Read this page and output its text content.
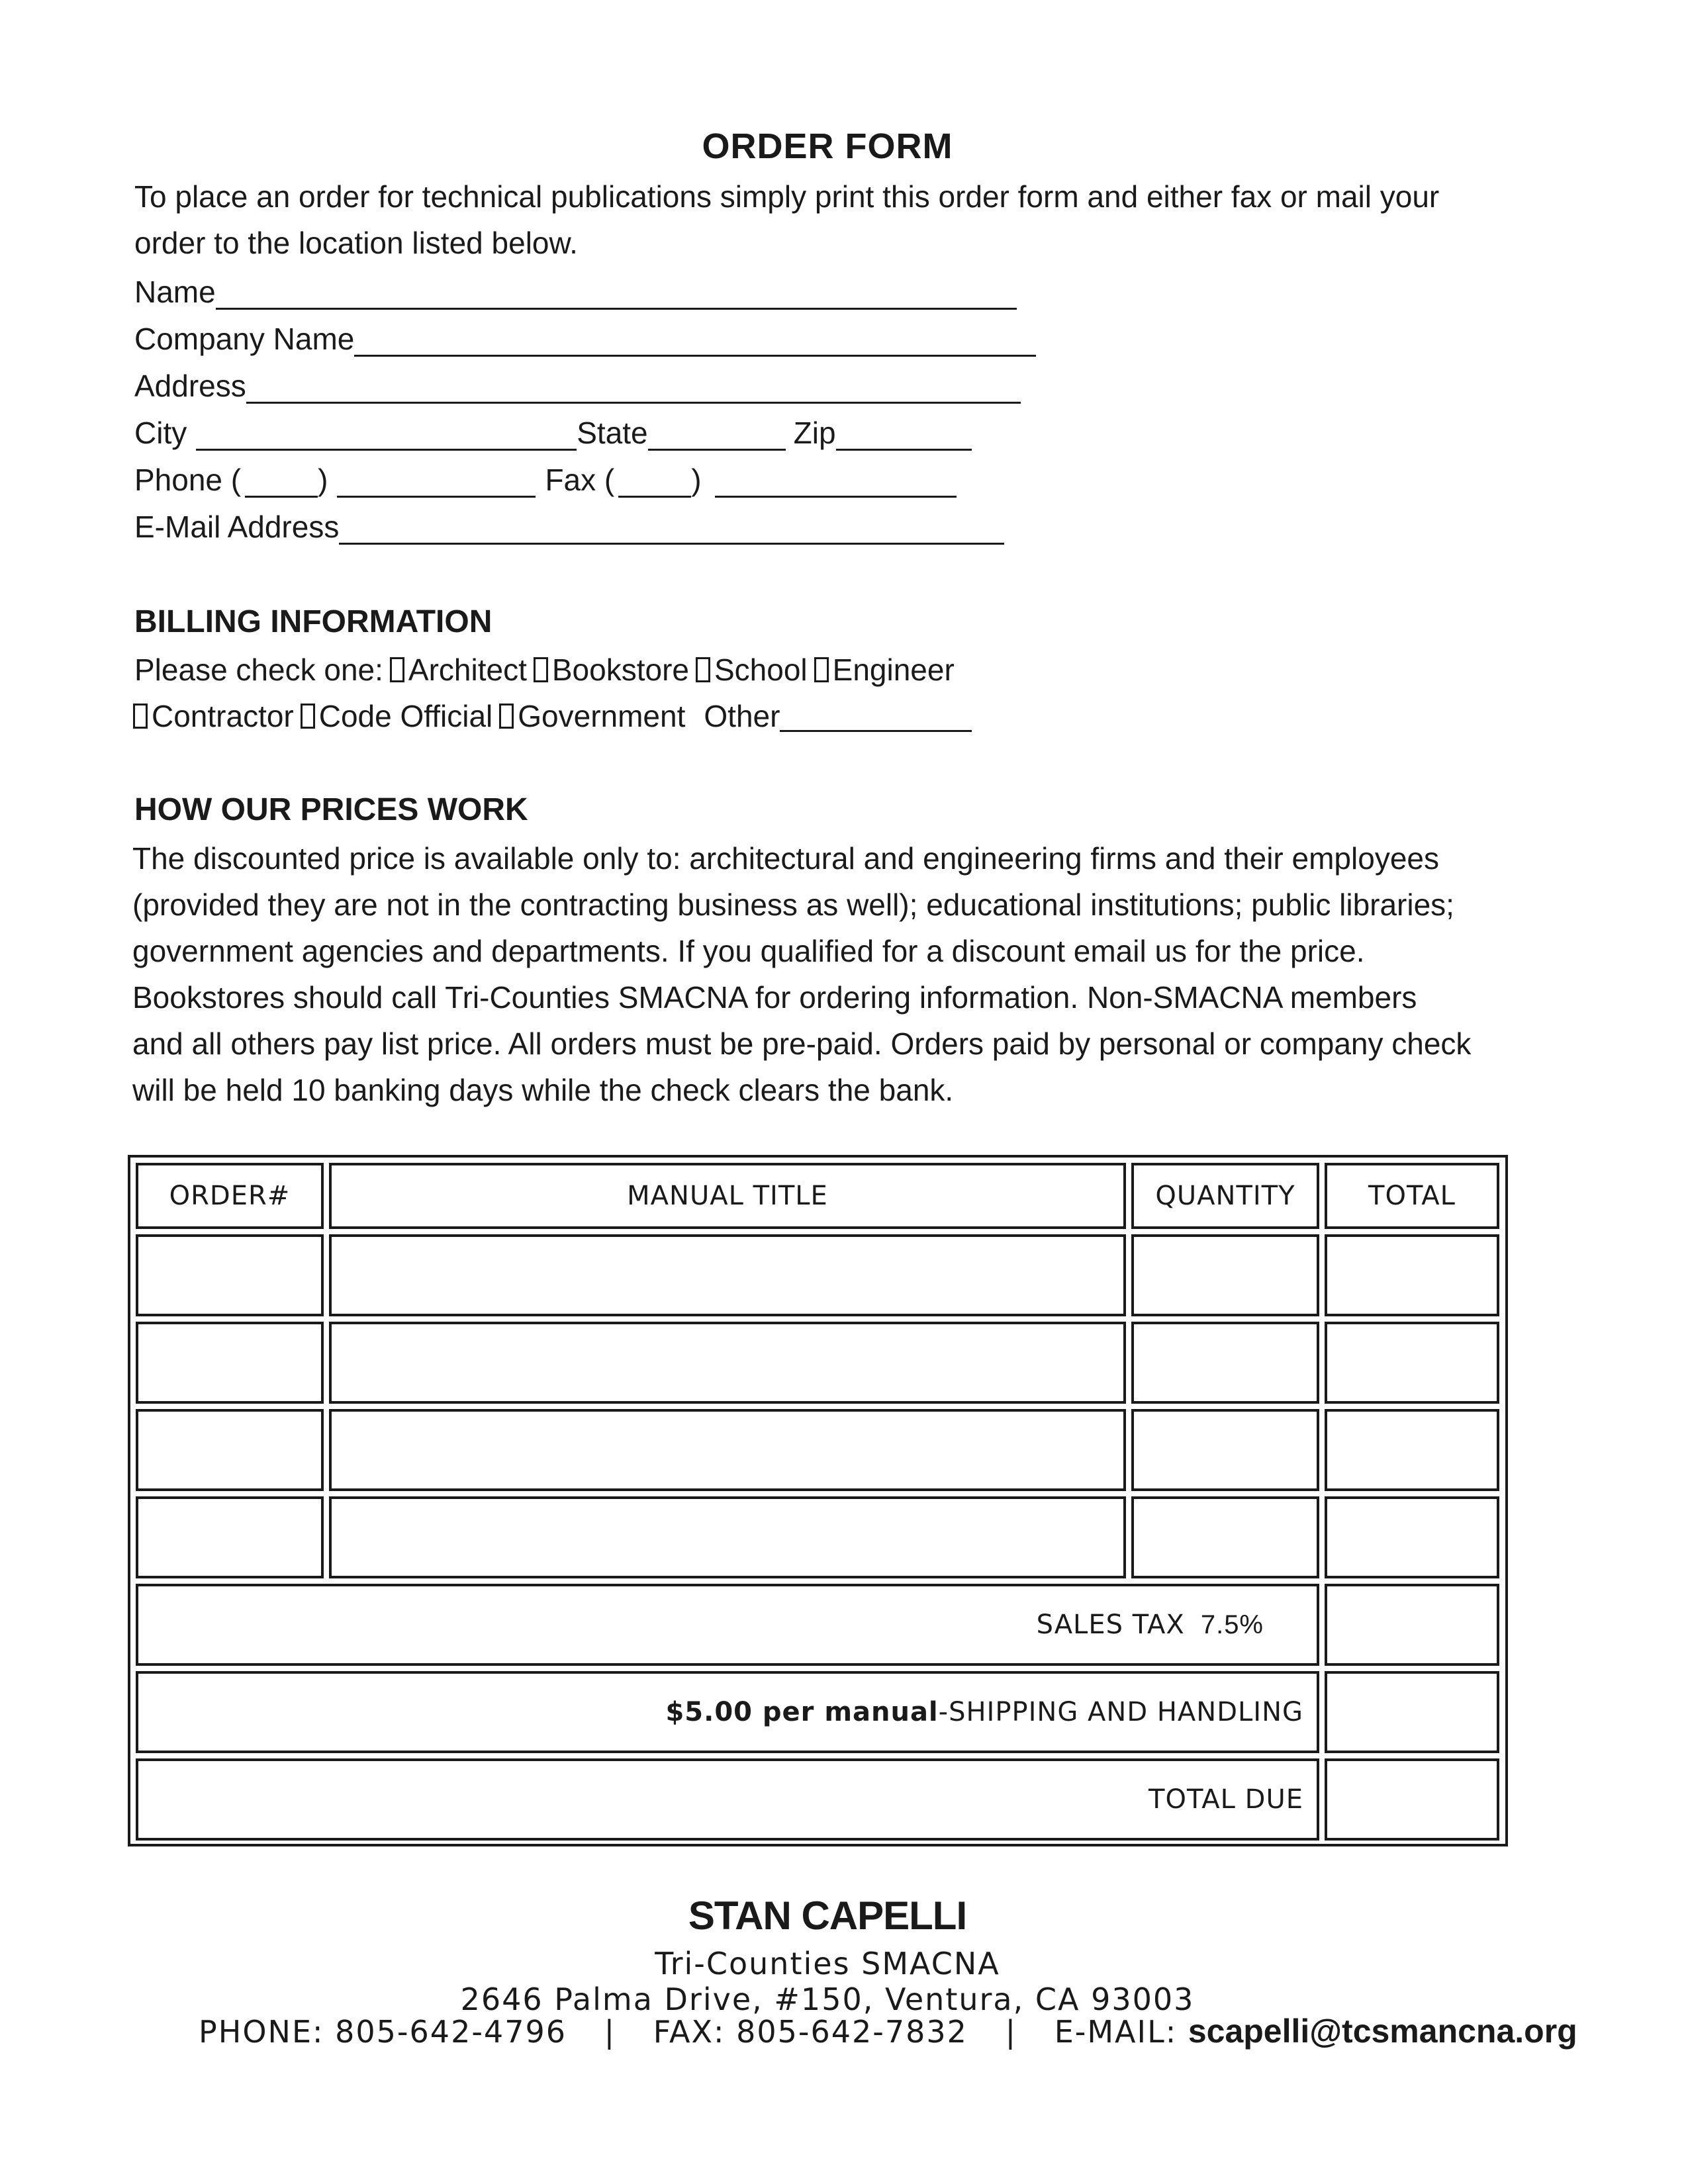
ORDER FORM
To place an order for technical publications simply print this order form and either fax or mail your
order to the location listed below.
Name
Company Name
Address
City	State	Zip
Phone (	)	Fax (	)
E-Mail Address
BILLING INFORMATION
Please check one: Architect Bookstore School Engineer
Contractor Code Official Government Other
HOW OUR PRICES WORK
The discounted price is available only to: architectural and engineering firms and their employees
(provided they are not in the contracting business as well); educational institutions; public libraries;
government agencies and departments. If you qualified for a discount email us for the price.
Bookstores should call Tri-Counties SMACNA for ordering information. Non-SMACNA members
and all others pay list price. All orders must be pre-paid. Orders paid by personal or company check
will be held 10 banking days while the check clears the bank.
ORDER#	MANUAL TITLE	QUANTITY	TOTAL
SALES TAX 7.5%
$5.00 per manual -SHIPPING AND HANDLING
TOTAL DUE
STAN CAPELLI
Tri-Counties SMACNA
2646 Palma Drive, #150, Ventura, CA 93003
PHONE: 805-642-4796 | FAX: 805-642-7832 | E-MAIL: scapelli@tcsmancna.org
